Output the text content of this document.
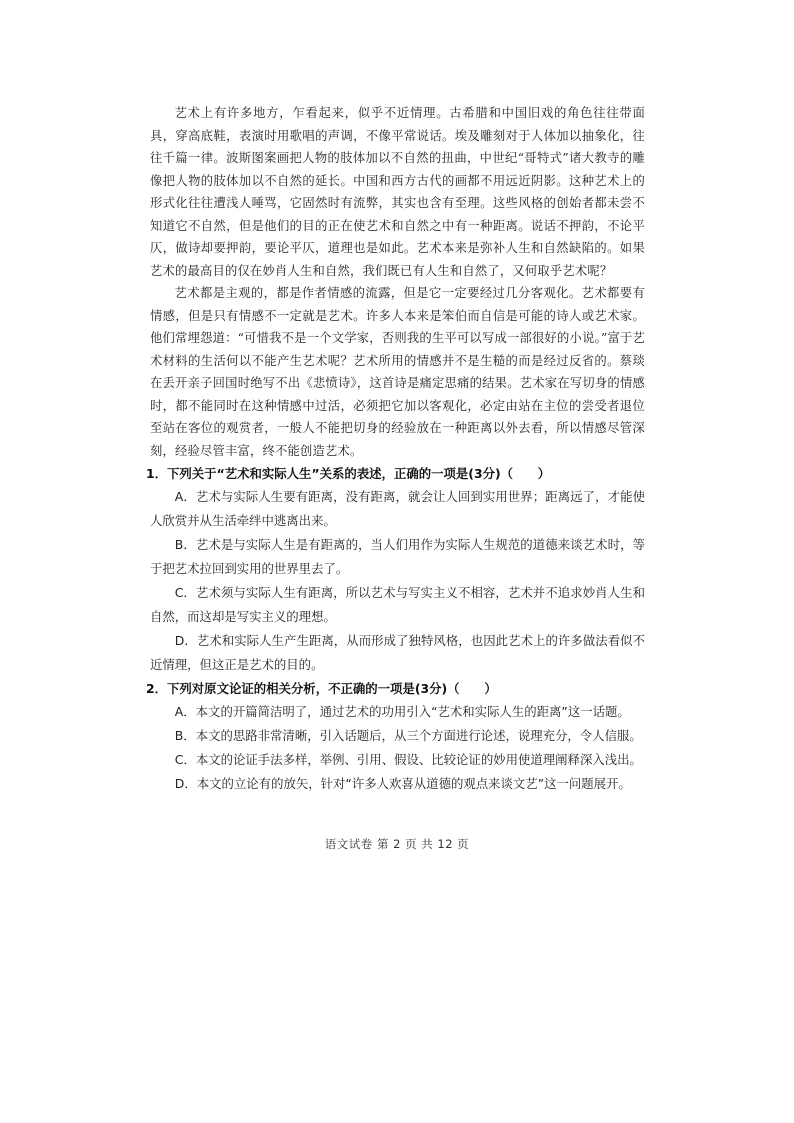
艺术上有许多地方，乍看起来，似乎不近情理。古希腊和中国旧戏的角色往往带面具，穿高底鞋，表演时用歌唱的声调，不像平常说话。埃及雕刻对于人体加以抽象化，往往千篇一律。波斯图案画把人物的肢体加以不自然的扭曲，中世纪“哥特式”诸大教寺的雕像把人物的肢体加以不自然的延长。中国和西方古代的画都不用远近阴影。这种艺术上的形式化往往遭浅人唾骂，它固然时有流弊，其实也含有至理。这些风格的创始者都未尝不知道它不自然，但是他们的目的正在使艺术和自然之中有一种距离。说话不押韵，不论平仄，做诗却要押韵，要论平仄，道理也是如此。艺术本来是弥补人生和自然缺陷的。如果艺术的最高目的仅在妙肖人生和自然，我们既已有人生和自然了，又何取乎艺术呢？

艺术都是主观的，都是作者情感的流露，但是它一定要经过几分客观化。艺术都要有情感，但是只有情感不一定就是艺术。许多人本来是笨伯而自信是可能的诗人或艺术家。他们常埋怨道：“可惜我不是一个文学家，否则我的生平可以写成一部很好的小说。”富于艺术材料的生活何以不能产生艺术呢？艺术所用的情感并不是生糙的而是经过反省的。蔡琰在丢开亲子回国时绝写不出《悲愤诗》，这首诗是痛定思痛的结果。艺术家在写切身的情感时，都不能同时在这种情感中过活，必须把它加以客观化，必定由站在主位的尝受者退位至站在客位的观赏者，一般人不能把切身的经验放在一种距离以外去看，所以情感尽管深刻，经验尽管丰富，终不能创造艺术。

1．下列关于“艺术和实际人生”关系的表述，正确的一项是(3分)（　　）

A．艺术与实际人生要有距离，没有距离，就会让人回到实用世界；距离远了，才能使人欣赏并从生活牵绊中逃离出来。

B．艺术是与实际人生是有距离的，当人们用作为实际人生规范的道德来谈艺术时，等于把艺术拉回到实用的世界里去了。

C．艺术须与实际人生有距离，所以艺术与写实主义不相容，艺术并不追求妙肖人生和自然，而这却是写实主义的理想。

D．艺术和实际人生产生距离，从而形成了独特风格，也因此艺术上的许多做法看似不近情理，但这正是艺术的目的。

2．下列对原文论证的相关分析，不正确的一项是(3分)（　　）

A．本文的开篇简洁明了，通过艺术的功用引入“艺术和实际人生的距离”这一话题。

B．本文的思路非常清晰，引入话题后，从三个方面进行论述，说理充分，令人信服。

C．本文的论证手法多样，举例、引用、假设、比较论证的妙用使道理阐释深入浅出。

D．本文的立论有的放矢，针对“许多人欢喜从道德的观点来谈文艺”这一问题展开。

语文试卷 第 2 页 共 12 页
